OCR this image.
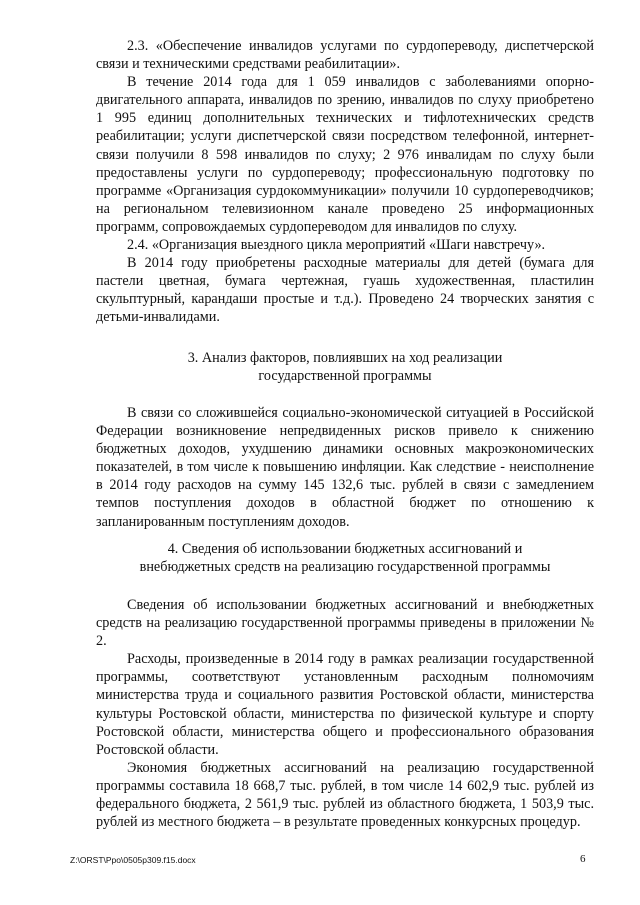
2.3. «Обеспечение инвалидов услугами по сурдопереводу, диспетчерской связи и техническими средствами реабилитации».

В течение 2014 года для 1 059 инвалидов с заболеваниями опорно-двигательного аппарата, инвалидов по зрению, инвалидов по слуху приобретено 1 995 единиц дополнительных технических и тифлотехнических средств реабилитации; услуги диспетчерской связи посредством телефонной, интернет-связи получили 8 598 инвалидов по слуху; 2 976 инвалидам по слуху были предоставлены услуги по сурдопереводу; профессиональную подготовку по программе «Организация сурдокоммуникации» получили 10 сурдопереводчиков; на региональном телевизионном канале проведено 25 информационных программ, сопровождаемых сурдопереводом для инвалидов по слуху.

2.4. «Организация выездного цикла мероприятий «Шаги навстречу».

В 2014 году приобретены расходные материалы для детей (бумага для пастели цветная, бумага чертежная, гуашь художественная, пластилин скульптурный, карандаши простые и т.д.). Проведено 24 творческих занятия с детьми-инвалидами.

3. Анализ факторов, повлиявших на ход реализации
государственной программы

В связи со сложившейся социально-экономической ситуацией в Российской Федерации возникновение непредвиденных рисков привело к снижению бюджетных доходов, ухудшению динамики основных макроэкономических показателей, в том числе к повышению инфляции. Как следствие - неисполнение в 2014 году расходов на сумму 145 132,6 тыс. рублей в связи с замедлением темпов поступления доходов в областной бюджет по отношению к запланированным поступлениям доходов.

4. Сведения об использовании бюджетных ассигнований и
внебюджетных средств на реализацию государственной программы

Сведения об использовании бюджетных ассигнований и внебюджетных средств на реализацию государственной программы приведены в приложении № 2.

Расходы, произведенные в 2014 году в рамках реализации государственной программы, соответствуют установленным расходным полномочиям министерства труда и социального развития Ростовской области, министерства культуры Ростовской области, министерства по физической культуре и спорту Ростовской области, министерства общего и профессионального образования Ростовской области.

Экономия бюджетных ассигнований на реализацию государственной программы составила 18 668,7 тыс. рублей, в том числе 14 602,9 тыс. рублей из федерального бюджета, 2 561,9 тыс. рублей из областного бюджета, 1 503,9 тыс. рублей из местного бюджета – в результате проведенных конкурсных процедур.

Z:\ORST\Ppo\0505p309.f15.docx	6
